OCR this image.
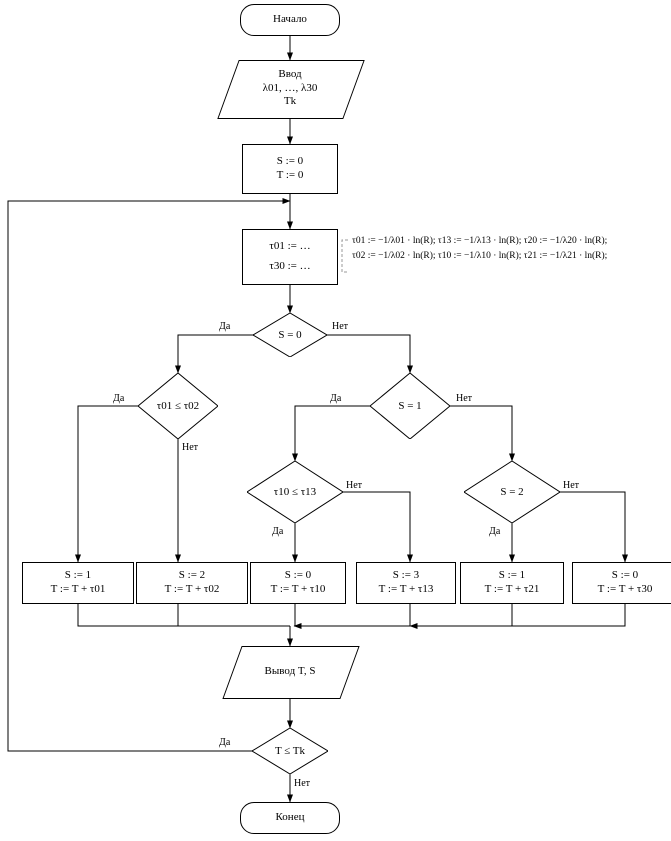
Начало
Ввод
λ01, …, λ30
Tk
S := 0
T := 0
τ01 := …
τ30 := …
τ01 := −1/λ01 · ln(R); τ13 := −1/λ13 · ln(R); τ20 := −1/λ20 · ln(R);
τ02 := −1/λ02 · ln(R); τ10 := −1/λ10 · ln(R); τ21 := −1/λ21 · ln(R);
S = 0
Да	Нет
τ01 ≤ τ02
Да
Нет
S = 1
Да	Нет
τ10 ≤ τ13
Нет
Да
S = 2
Нет
Да
S := 1
T := T + τ01
S := 2
T := T + τ02
S := 0
T := T + τ10
S := 3
T := T + τ13
S := 1
T := T + τ21
S := 0
T := T + τ30
Вывод T, S
T ≤ Tk
Да
Нет
Конец
